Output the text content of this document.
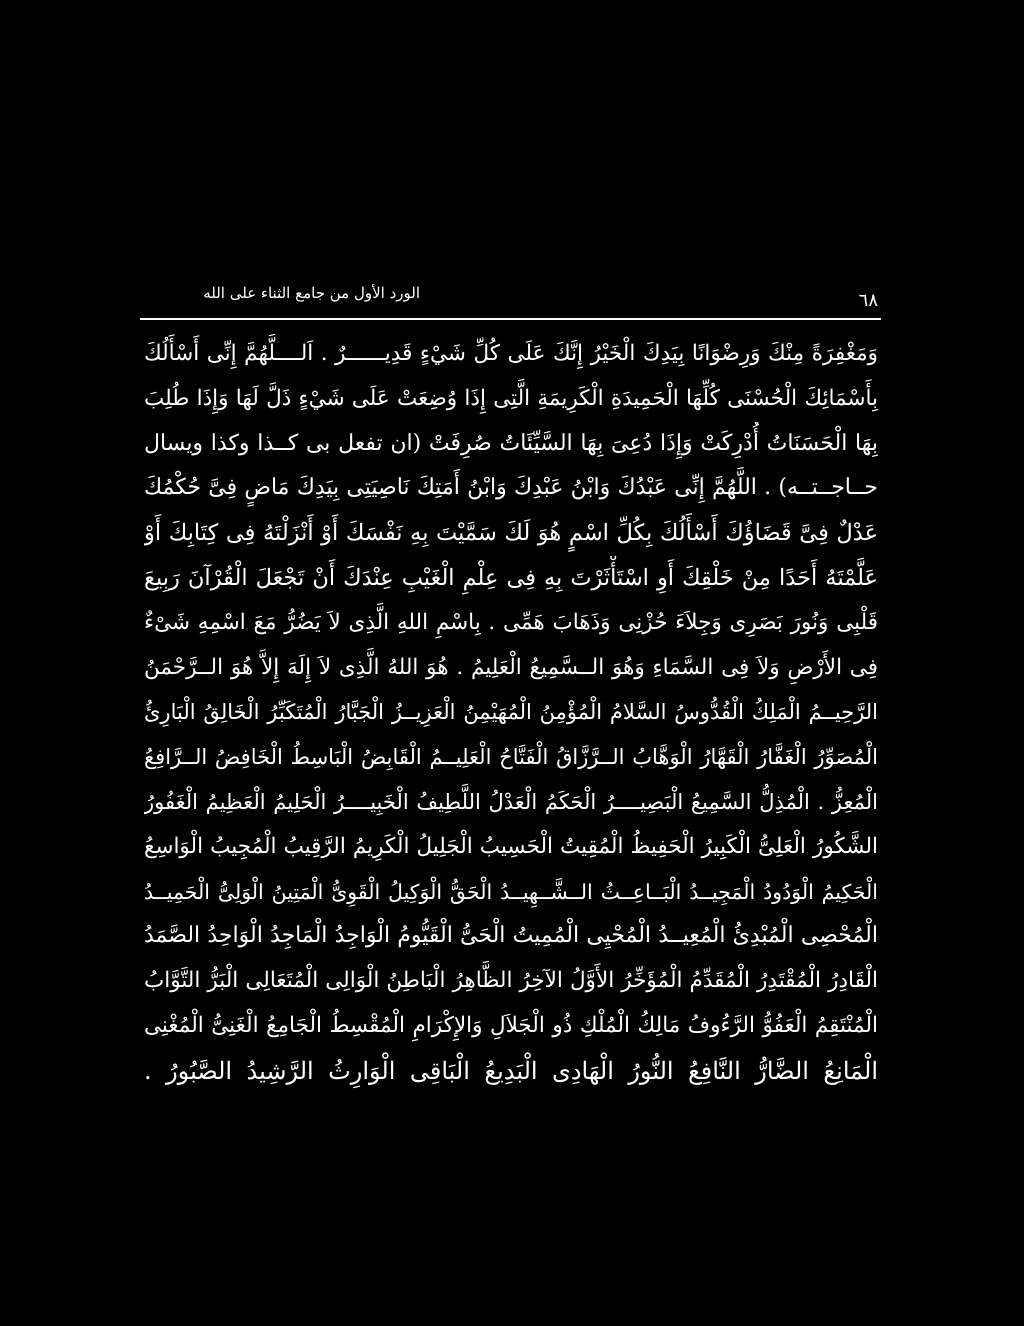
الورد الأول من جامع الثناء على الله	٦٨
وَمَغْفِرَةً مِنْكَ وَرِضْوَانًا بِيَدِكَ الْخَيْرُ إِنَّكَ عَلَى كُلِّ شَيْءٍ قَدِيــــــرٌ . اَلــــلَّهُمَّ إِنِّى أَسْأَلُكَ
بِأَسْمَائِكَ الْحُسْنَى كُلِّهَا الْحَمِيدَةِ الْكَرِيمَةِ الَّتِى إِذَا وُضِعَتْ عَلَى شَيْءٍ ذَلَّ لَهَا وَإِذَا طُلِبَ
بِهَا الْحَسَنَاتُ أُدْرِكَتْ وَإِذَا دُعِىَ بِهَا السَّيِّئَاتُ صُرِفَتْ (ان تفعل بى كــذا وكذا ويسال
حــاجــتــه) . اللَّهُمَّ إِنِّى عَبْدُكَ وَابْنُ عَبْدِكَ وَابْنُ أَمَتِكَ نَاصِيَتِى بِيَدِكَ مَاضٍ فِىَّ حُكْمُكَ
عَدْلٌ فِىَّ قَضَاؤُكَ أَسْأَلُكَ بِكُلِّ اسْمٍ هُوَ لَكَ سَمَّيْتَ بِهِ نَفْسَكَ أَوْ أَنْزَلْتَهُ فِى كِتَابِكَ أَوْ
عَلَّمْتَهُ أَحَدًا مِنْ خَلْقِكَ أَوِ اسْتَأْثَرْتَ بِهِ فِى عِلْمِ الْغَيْبِ عِنْدَكَ أَنْ تَجْعَلَ الْقُرْآنَ رَبِيعَ
قَلْبِى وَنُورَ بَصَرِى وَجِلاَءَ حُزْنِى وَذَهَابَ هَمِّى . بِاسْمِ اللهِ الَّذِى لاَ يَضُرُّ مَعَ اسْمِهِ شَىْءٌ
فِى الأَرْضِ وَلاَ فِى السَّمَاءِ وَهُوَ الــسَّمِيعُ الْعَلِيمُ . هُوَ اللهُ الَّذِى لاَ إِلَهَ إِلاَّ هُوَ الــرَّحْمَنُ
الرَّحِيــمُ الْمَلِكُ الْقُدُّوسُ السَّلامُ الْمُؤْمِنُ الْمُهَيْمِنُ الْعَزِيــزُ الْجَبَّارُ الْمُتَكَبِّرُ الْخَالِقُ الْبَارِئُ
الْمُصَوِّرُ الْغَفَّارُ الْقَهَّارُ الْوَهَّابُ الــرَّزَّاقُ الْفَتَّاحُ الْعَلِيــمُ الْقَابِضُ الْبَاسِطُ الْخَافِضُ الــرَّافِعُ
الْمُعِزُّ . الْمُذِلُّ السَّمِيعُ الْبَصِيــــرُ الْحَكَمُ الْعَدْلُ اللَّطِيفُ الْخَبِيــــرُ الْحَلِيمُ الْعَظِيمُ الْغَفُورُ
الشَّكُورُ الْعَلِىُّ الْكَبِيرُ الْحَفِيظُ الْمُقِيتُ الْحَسِيبُ الْجَلِيلُ الْكَرِيمُ الرَّقِيبُ الْمُجِيبُ الْوَاسِعُ
الْحَكِيمُ الْوَدُودُ الْمَجِيــدُ الْبَــاعِــثُ الــشَّــهِيــدُ الْحَقُّ الْوَكِيلُ الْقَوِىُّ الْمَتِينُ الْوَلِىُّ الْحَمِيــدُ
الْمُحْصِى الْمُبْدِئُ الْمُعِيــدُ الْمُحْيِى الْمُمِيتُ الْحَىُّ الْقَيُّومُ الْوَاجِدُ الْمَاجِدُ الْوَاحِدُ الصَّمَدُ
الْقَادِرُ الْمُقْتَدِرُ الْمُقَدِّمُ الْمُؤَخِّرُ الأَوَّلُ الآخِرُ الظَّاهِرُ الْبَاطِنُ الْوَالِى الْمُتَعَالِى الْبَرُّ التَّوَّابُ
الْمُنْتَقِمُ الْعَفُوُّ الرَّءُوفُ مَالِكُ الْمُلْكِ ذُو الْجَلاَلِ وَالإِكْرَامِ الْمُقْسِطُ الْجَامِعُ الْغَنِىُّ الْمُغْنِى
الْمَانِعُ الضَّارُّ النَّافِعُ النُّورُ الْهَادِى الْبَدِيعُ الْبَاقِى الْوَارِثُ الرَّشِيدُ الصَّبُورُ .
